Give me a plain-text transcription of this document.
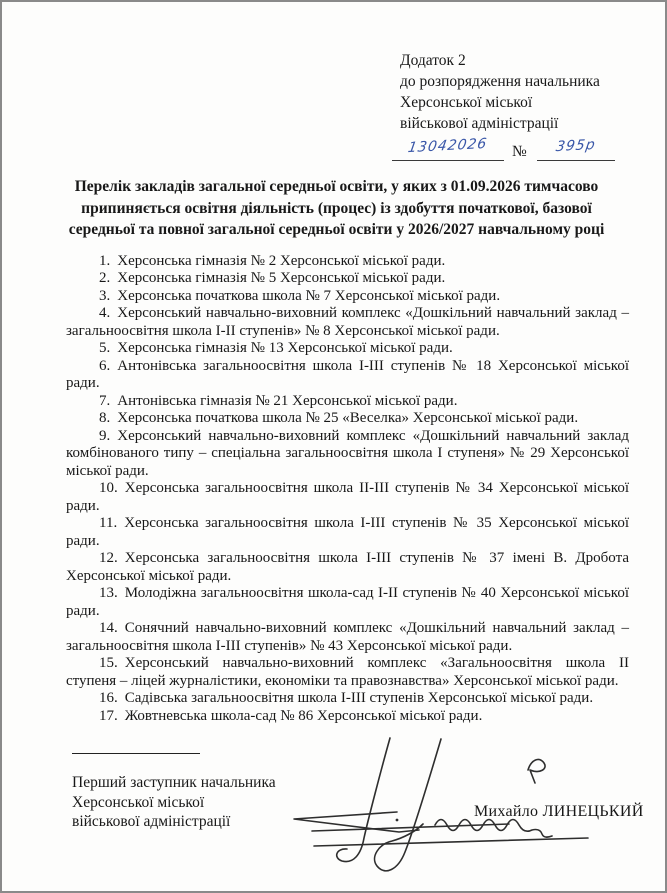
Додаток 2
до розпорядження начальника
Херсонської міської
військової адміністрації
13042026 № 395р
Перелік закладів загальної середньої освіти, у яких з 01.09.2026 тимчасово
припиняється освітня діяльність (процес) із здобуття початкової, базової
середньої та повної загальної середньої освіти у 2026/2027 навчальному році

1. Херсонська гімназія № 2 Херсонської міської ради.

2. Херсонська гімназія № 5 Херсонської міської ради.

3. Херсонська початкова школа № 7 Херсонської міської ради.

4. Херсонський навчально-виховний комплекс «Дошкільний навчальний заклад – загальноосвітня школа І-ІІ ступенів» № 8 Херсонської міської ради.

5. Херсонська гімназія № 13 Херсонської міської ради.

6. Антонівська загальноосвітня школа І-ІІІ ступенів № 18 Херсонської міської ради.

7. Антонівська гімназія № 21 Херсонської міської ради.

8. Херсонська початкова школа № 25 «Веселка» Херсонської міської ради.

9. Херсонський навчально-виховний комплекс «Дошкільний навчальний заклад комбінованого типу – спеціальна загальноосвітня школа І ступеня» № 29 Херсонської міської ради.

10. Херсонська загальноосвітня школа ІІ-ІІІ ступенів № 34 Херсонської міської ради.

11. Херсонська загальноосвітня школа І-ІІІ ступенів № 35 Херсонської міської ради.

12. Херсонська загальноосвітня школа І-ІІІ ступенів № 37 імені В. Дробота Херсонської міської ради.

13. Молодіжна загальноосвітня школа-сад І-ІІ ступенів № 40 Херсонської міської ради.

14. Сонячний навчально-виховний комплекс «Дошкільний навчальний заклад – загальноосвітня школа І-ІІІ ступенів» № 43 Херсонської міської ради.

15. Херсонський навчально-виховний комплекс «Загальноосвітня школа ІІ ступеня – ліцей журналістики, економіки та правознавства» Херсонської міської ради.

16. Садівська загальноосвітня школа І-ІІІ ступенів Херсонської міської ради.

17. Жовтневська школа-сад № 86 Херсонської міської ради.

Перший заступник начальника
Херсонської міської
військової адміністрації
Михайло ЛИНЕЦЬКИЙ
